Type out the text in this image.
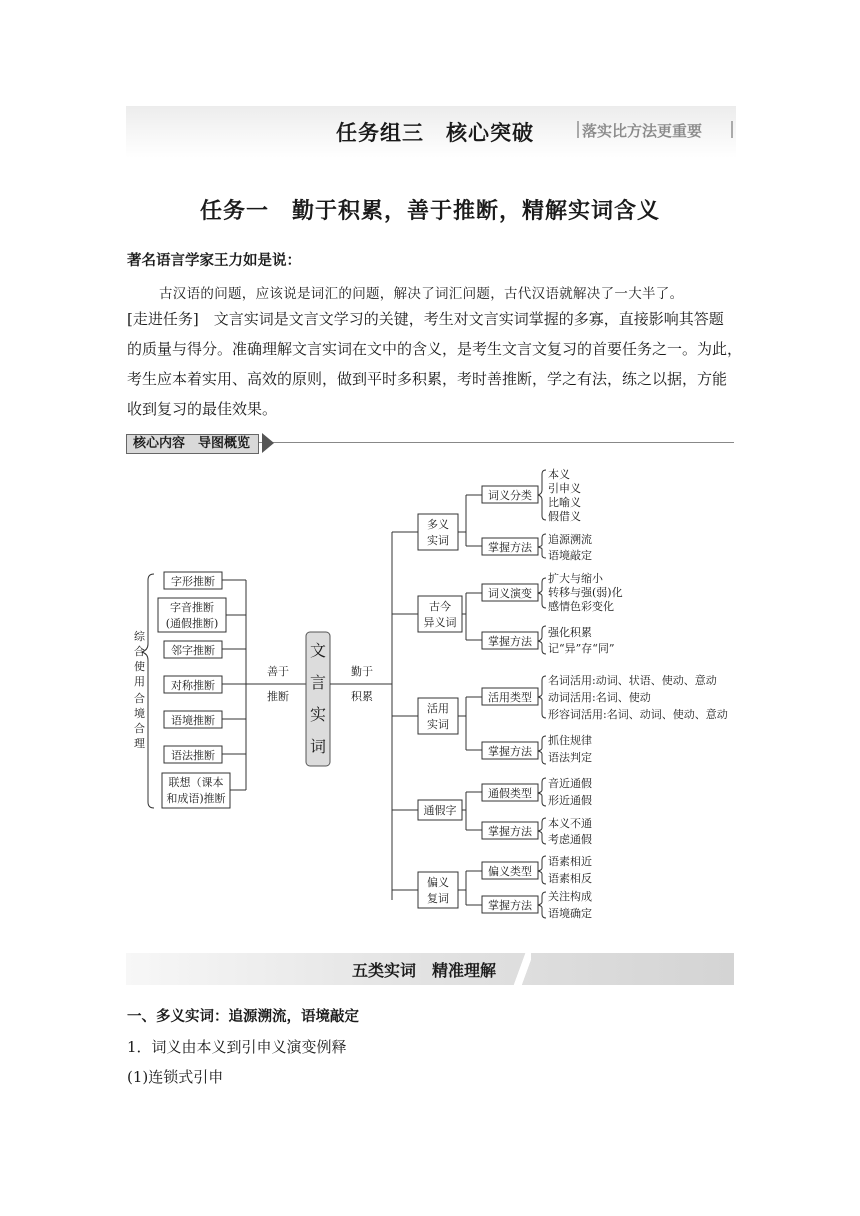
任务组三　核心突破	落实比方法更重要
任务一　勤于积累，善于推断，精解实词含义
著名语言学家王力如是说：
古汉语的问题，应该说是词汇的问题，解决了词汇问题，古代汉语就解决了一大半了。
[走进任务]　文言实词是文言文学习的关键，考生对文言实词掌握的多寡，直接影响其答题
的质量与得分。准确理解文言实词在文中的含义，是考生文言文复习的首要任务之一。为此，
考生应本着实用、高效的原则，做到平时多积累，考时善推断，学之有法，练之以据，方能
收到复习的最佳效果。
核心内容　导图概览
综合使用
合境合理
字形推断
字音推断
(通假推断)
邻字推断
对称推断
语境推断
语法推断
联想（课本
和成语)推断
善于
推断
勤于
积累
文
言
实
词
多义
实词
古今
异义词
活用
实词
通假字
偏义
复词
词义分类
掌握方法
词义演变
掌握方法
活用类型
掌握方法
通假类型
掌握方法
偏义类型
掌握方法
本义
引申义
比喻义
假借义
追源溯流
语境敲定
扩大与缩小
转移与强(弱)化
感情色彩变化
强化积累
记“异”存“同”
名词活用:动词、状语、使动、意动
动词活用:名词、使动
形容词活用:名词、动词、使动、意动
抓住规律
语法判定
音近通假
形近通假
本义不通
考虑通假
语素相近
语素相反
关注构成
语境确定
五类实词　精准理解
一、多义实词：追源溯流，语境敲定
1．词义由本义到引申义演变例释
(1)连锁式引申
